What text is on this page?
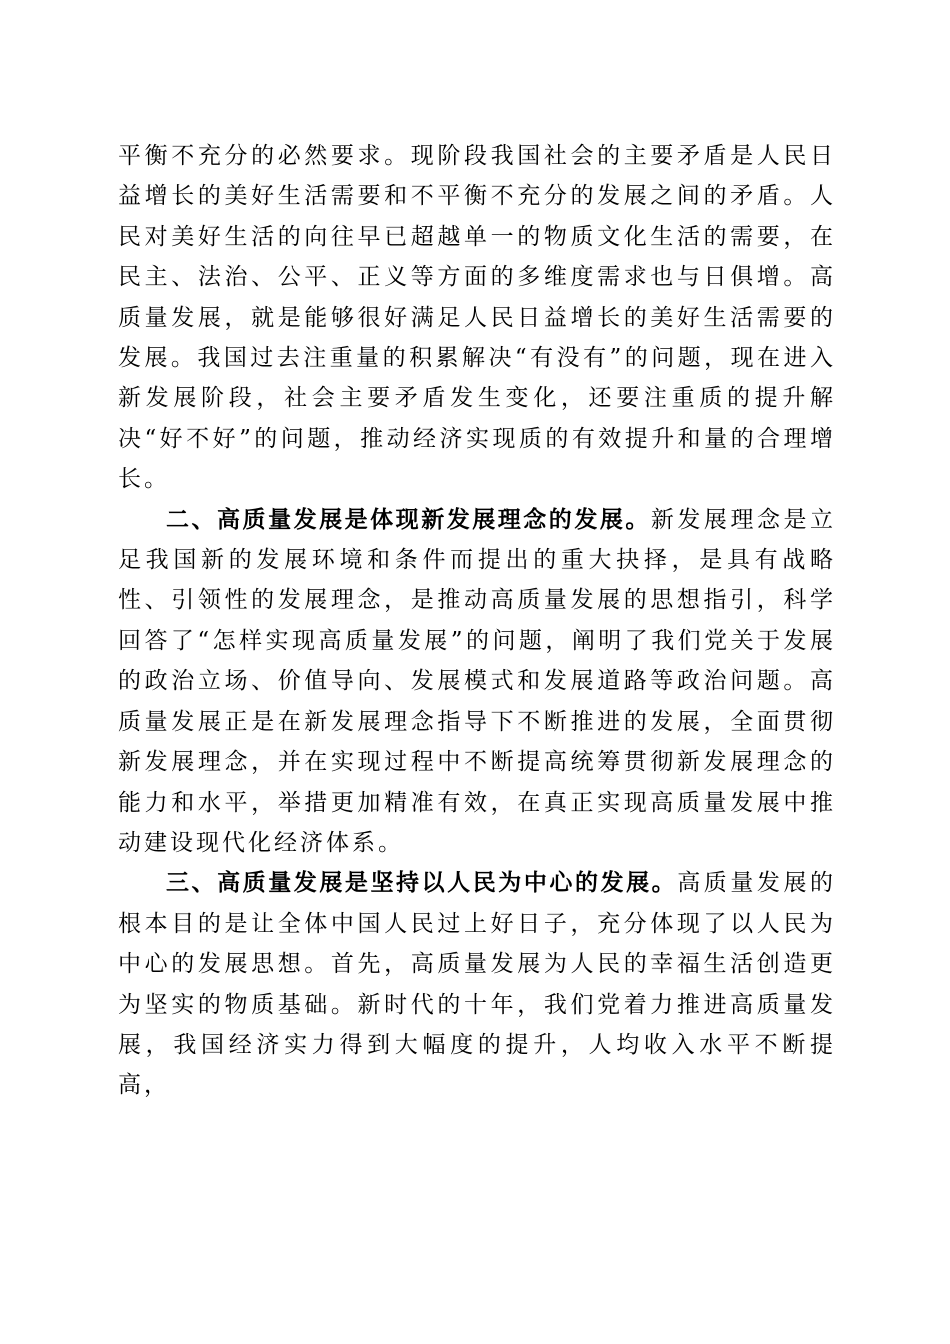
平衡不充分的必然要求。现阶段我国社会的主要矛盾是人民日益增长的美好生活需要和不平衡不充分的发展之间的矛盾。人民对美好生活的向往早已超越单一的物质文化生活的需要，在民主、法治、公平、正义等方面的多维度需求也与日俱增。高质量发展，就是能够很好满足人民日益增长的美好生活需要的发展。我国过去注重量的积累解决“有没有”的问题，现在进入新发展阶段，社会主要矛盾发生变化，还要注重质的提升解决“好不好”的问题，推动经济实现质的有效提升和量的合理增长。

二、高质量发展是体现新发展理念的发展。新发展理念是立足我国新的发展环境和条件而提出的重大抉择，是具有战略性、引领性的发展理念，是推动高质量发展的思想指引，科学回答了“怎样实现高质量发展”的问题，阐明了我们党关于发展的政治立场、价值导向、发展模式和发展道路等政治问题。高质量发展正是在新发展理念指导下不断推进的发展，全面贯彻新发展理念，并在实现过程中不断提高统筹贯彻新发展理念的能力和水平，举措更加精准有效，在真正实现高质量发展中推动建设现代化经济体系。

三、高质量发展是坚持以人民为中心的发展。高质量发展的根本目的是让全体中国人民过上好日子，充分体现了以人民为中心的发展思想。首先，高质量发展为人民的幸福生活创造更为坚实的物质基础。新时代的十年，我们党着力推进高质量发展，我国经济实力得到大幅度的提升，人均收入水平不断提高，
